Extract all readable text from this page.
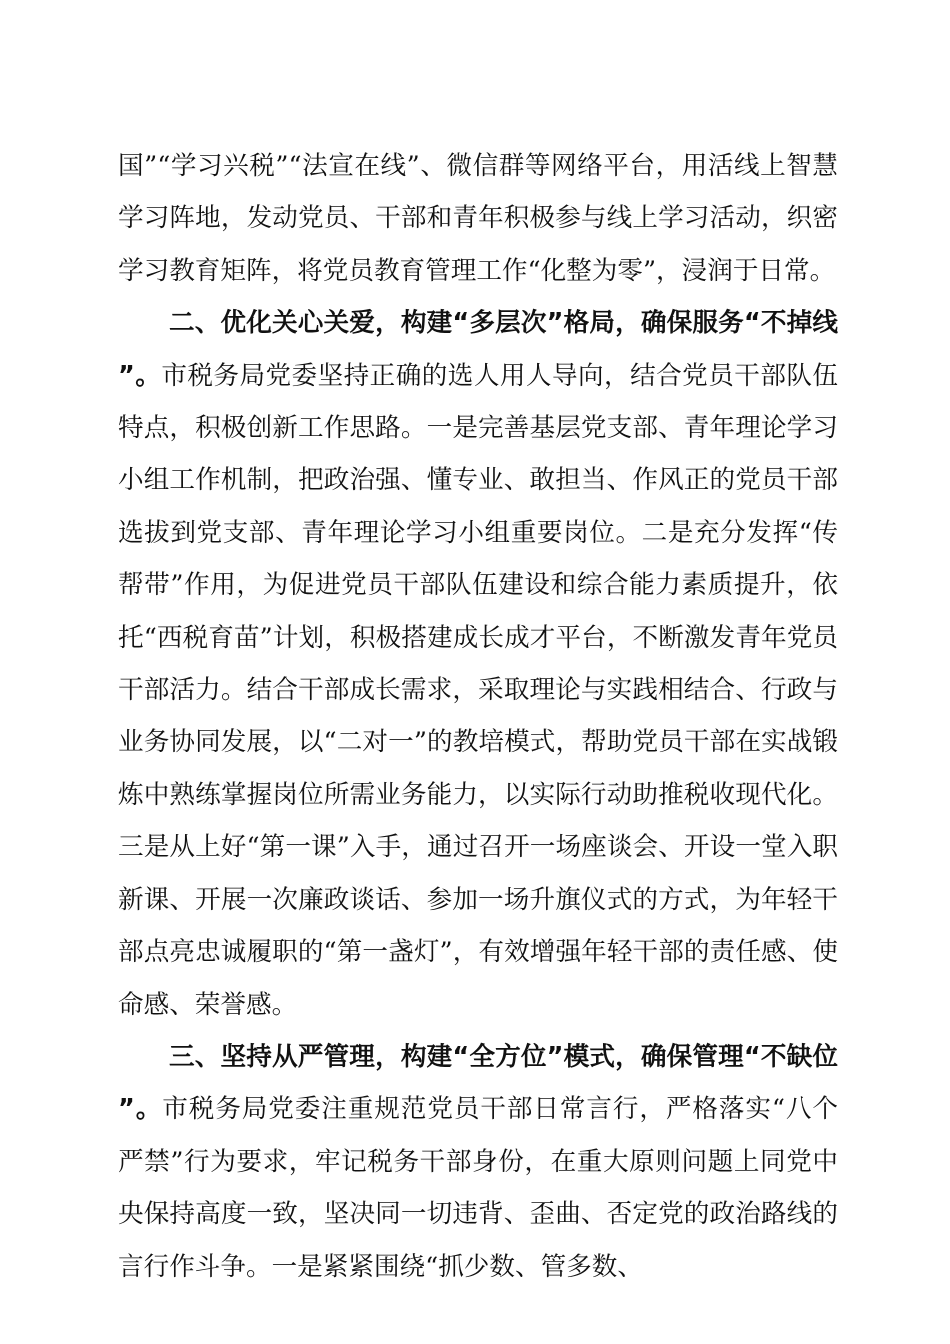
国”“学习兴税”“法宣在线”、微信群等网络平台，用活线上智慧学习阵地，发动党员、干部和青年积极参与线上学习活动，织密学习教育矩阵，将党员教育管理工作“化整为零”，浸润于日常。

二、优化关心关爱，构建“多层次”格局，确保服务“不掉线”。市税务局党委坚持正确的选人用人导向，结合党员干部队伍特点，积极创新工作思路。一是完善基层党支部、青年理论学习小组工作机制，把政治强、懂专业、敢担当、作风正的党员干部选拔到党支部、青年理论学习小组重要岗位。二是充分发挥“传帮带”作用，为促进党员干部队伍建设和综合能力素质提升，依托“西税育苗”计划，积极搭建成长成才平台，不断激发青年党员干部活力。结合干部成长需求，采取理论与实践相结合、行政与业务协同发展，以“二对一”的教培模式，帮助党员干部在实战锻炼中熟练掌握岗位所需业务能力，以实际行动助推税收现代化。三是从上好“第一课”入手，通过召开一场座谈会、开设一堂入职新课、开展一次廉政谈话、参加一场升旗仪式的方式，为年轻干部点亮忠诚履职的“第一盏灯”，有效增强年轻干部的责任感、使命感、荣誉感。

三、坚持从严管理，构建“全方位”模式，确保管理“不缺位”。市税务局党委注重规范党员干部日常言行，严格落实“八个严禁”行为要求，牢记税务干部身份，在重大原则问题上同党中央保持高度一致，坚决同一切违背、歪曲、否定党的政治路线的言行作斗争。一是紧紧围绕“抓少数、管多数、
